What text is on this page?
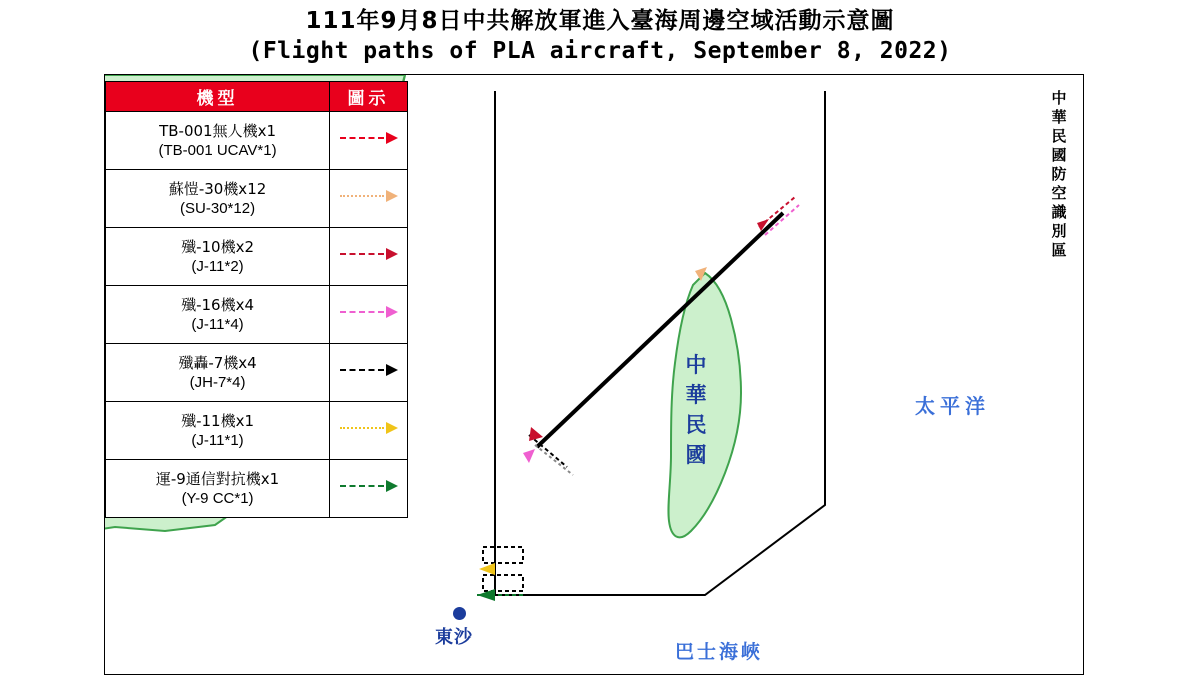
111年9月8日中共解放軍進入臺海周邊空域活動示意圖
(Flight paths of PLA aircraft, September 8, 2022)
中華民國防空識別區
中華民國
太平洋
巴士海峽
東沙
機型	圖示

TB-001無人機x1
(TB-001 UCAV*1)	

蘇愷-30機x12
(SU-30*12)	

殲-10機x2
(J-11*2)	

殲-16機x4
(J-11*4)	

殲轟-7機x4
(JH-7*4)	

殲-11機x1
(J-11*1)	

運-9通信對抗機x1
(Y-9 CC*1)	
